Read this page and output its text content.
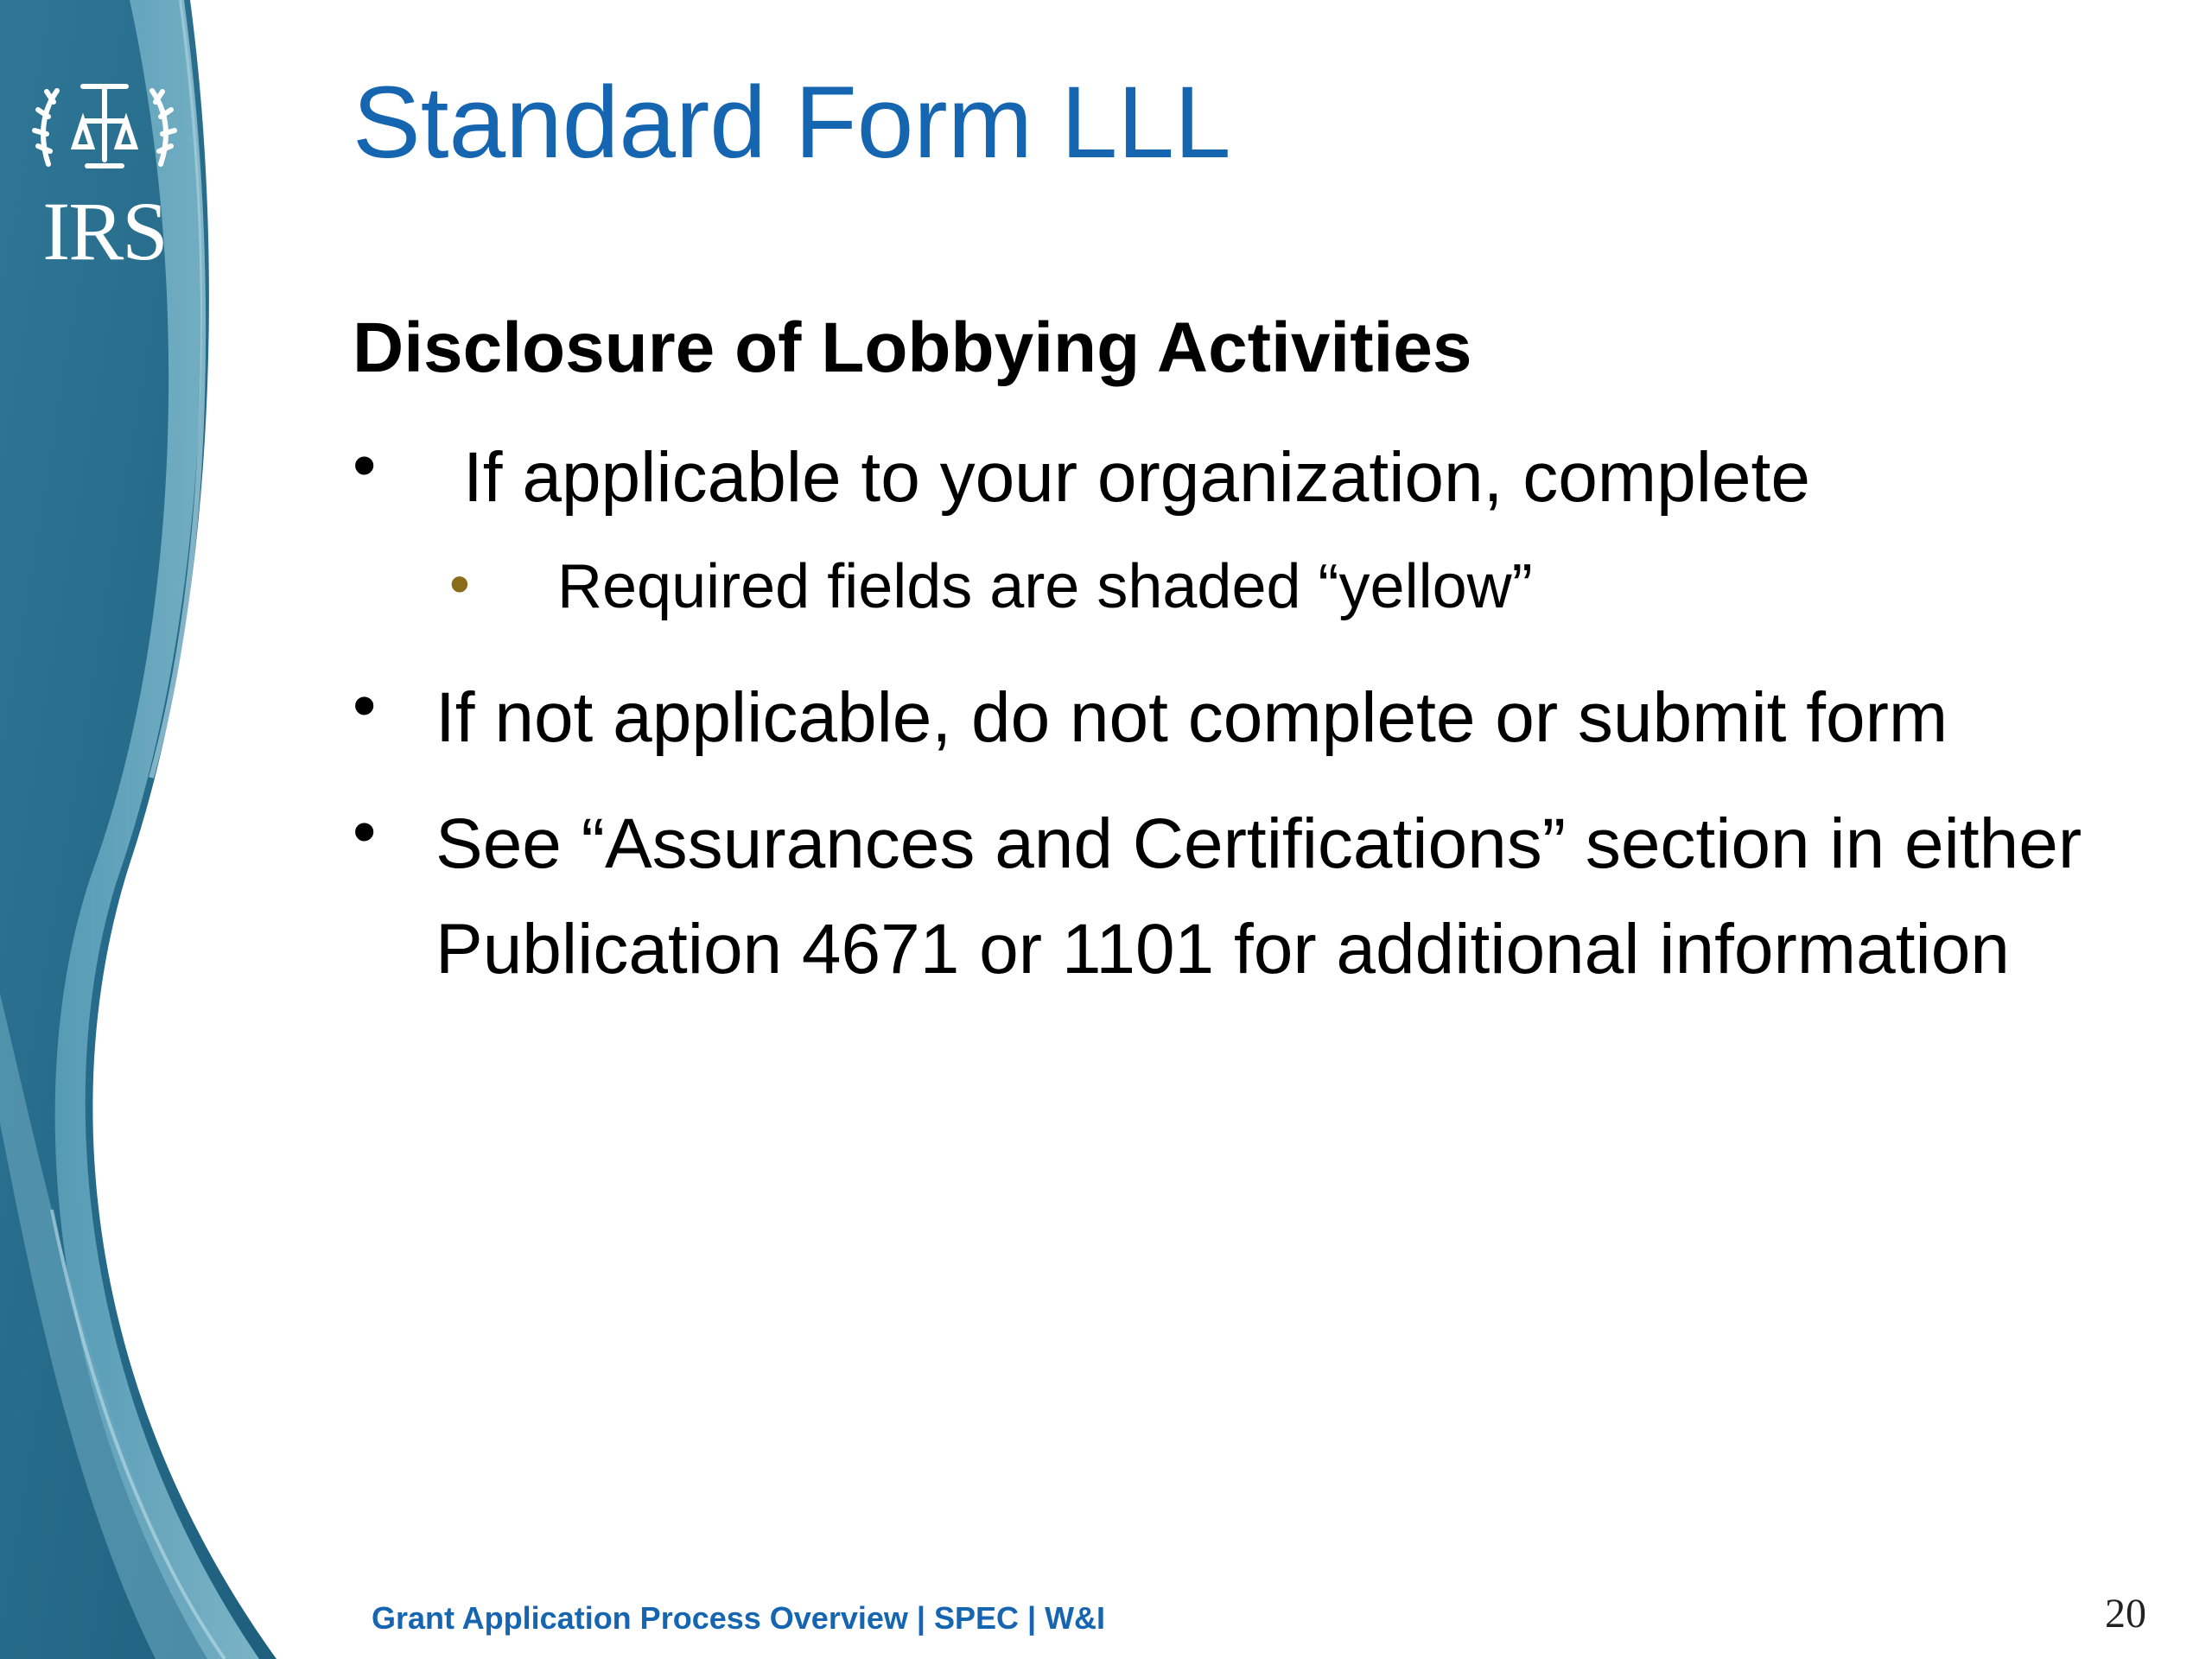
IRS
Standard Form LLL
Disclosure of Lobbying Activities
•	If applicable to your organization, complete
•	Required fields are shaded “yellow”
• If not applicable, do not complete or submit form
• See “Assurances and Certifications” section in either Publication 4671 or 1101 for additional information
Grant Application Process Overview | SPEC | W&I	20
